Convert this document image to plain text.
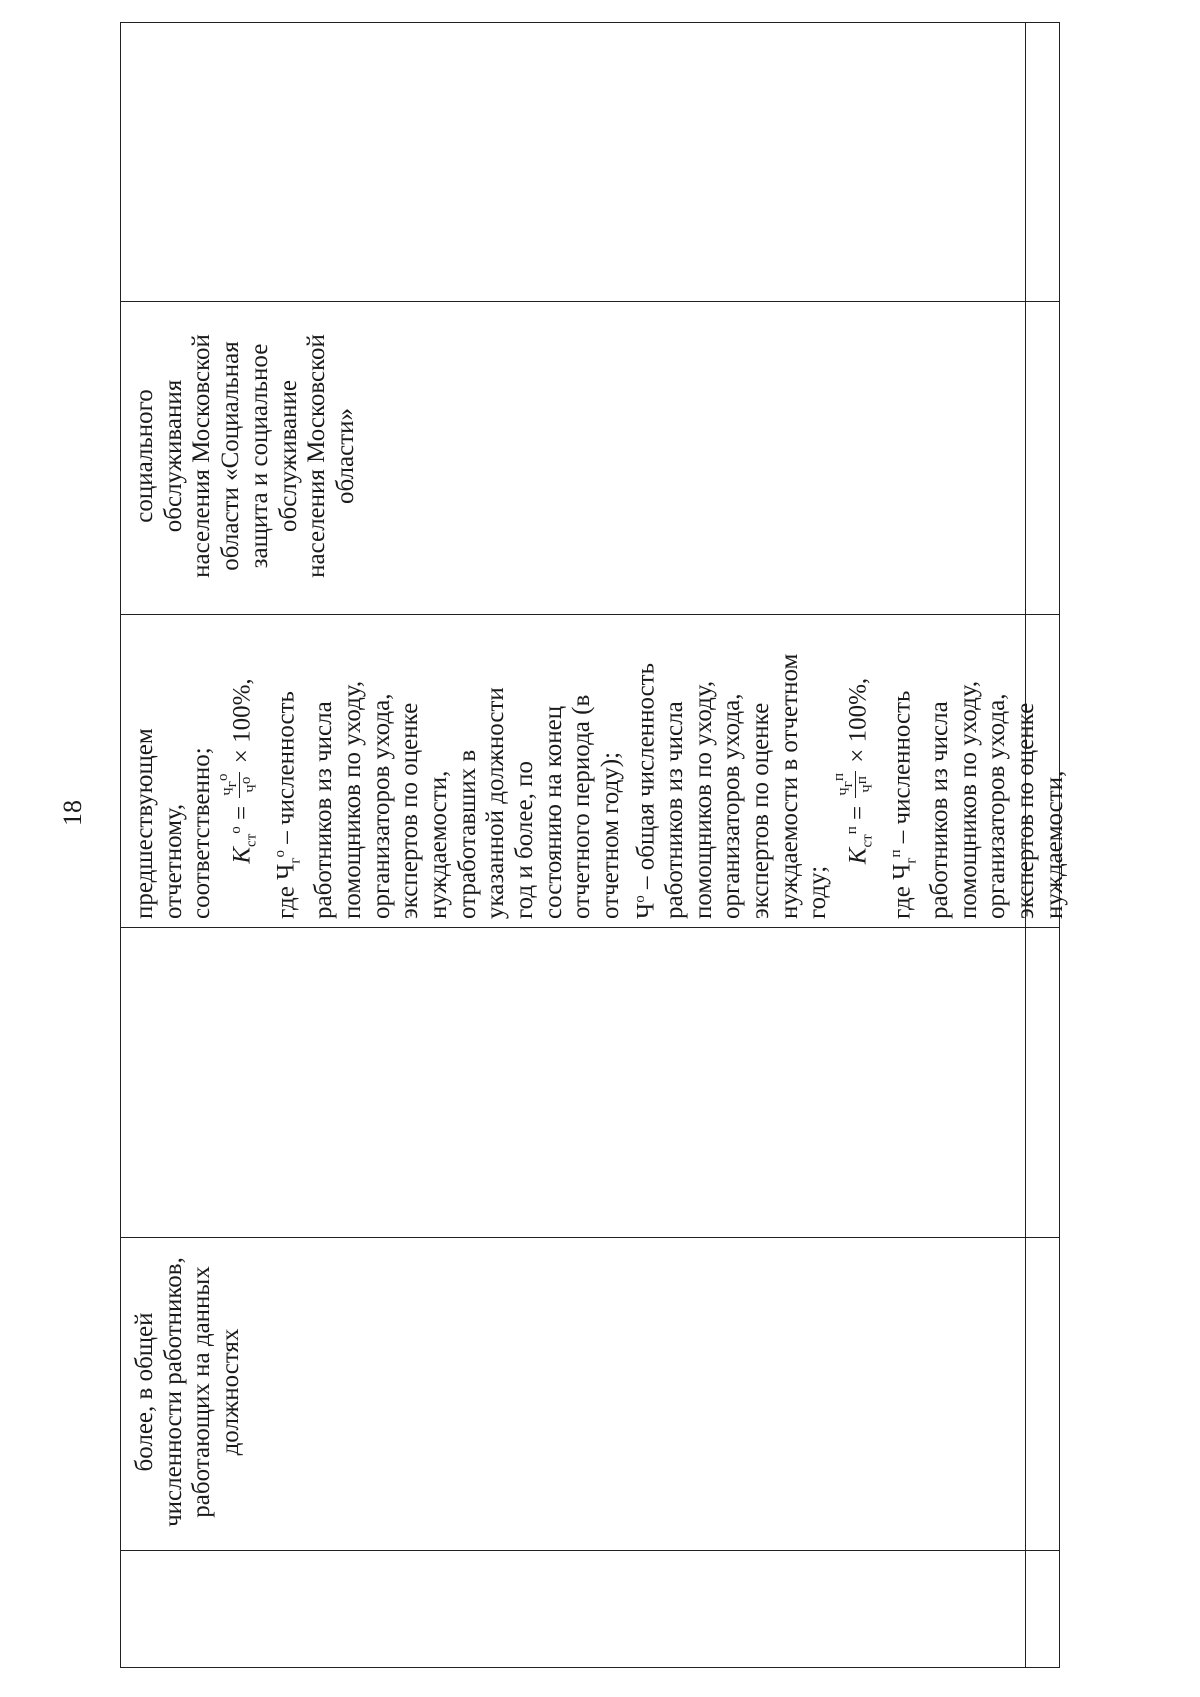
18
более, в общей численности работников, работающих на данных должностях
предшествующем отчетному, соответственно; $K_{ст}^о$ =
$Ч_г^о$
$Ч^о$
× 100%,
где $Ч_г^о$ – численность работников из числа помощников по уходу, организаторов ухода, экспертов по оценке нуждаемости, отработавших в указанной должности год и более, по состоянию на конец отчетного периода (в отчетном году); $Ч^о$ – общая численность работников из числа помощников по уходу, организаторов ухода, экспертов по оценке нуждаемости в отчетном году;
$K_{ст}^п$ =
$Ч_г^п$
$Ч^п$
× 100%,
где $Ч_г^п$ – численность работников из числа помощников по уходу, организаторов ухода, экспертов по оценке нуждаемости,
социального обслуживания населения Московской области «Социальная защита и социальное обслуживание населения Московской области»
